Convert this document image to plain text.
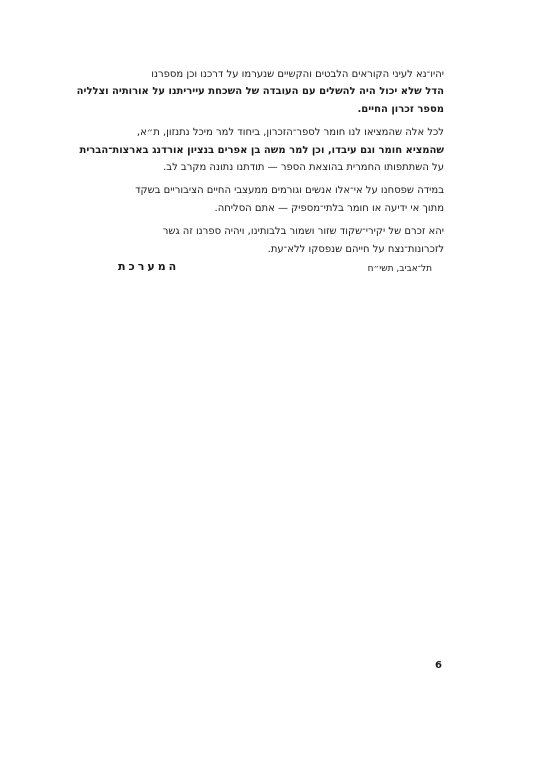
יהיו־נא לעיני הקוראים הלבטים והקשיים שנערמו על דרכנו וכן מספרנו
הדל שלא יכול היה להשלים עם העובדה של השכחת עייריתנו על אורותיה וצלליה
מספר זכרון החיים.

לכל אלה שהמציאו לנו חומר לספר־הזכרון, ביחוד למר מיכל נתנזון, ת״א,
שהמציא חומר וגם עיבדו, וכן למר משה בן אפרים בנציון אורדנג בארצות־הברית
על השתתפותו החמרית בהוצאת הספר — תודתנו נתונה מקרב לב.

במידה שפסחנו על אי־אלו אנשים וגורמים ממעצבי החיים הציבוריים בשקד
מתוך אי ידיעה או חומר בלתי־מספיק — אתם הסליחה.

יהא זכרם של יקירי־שקוד שזור ושמור בלבותינו, ויהיה ספרנו זה גשר
לזכרונות־נצח על חייהם שנפסקו ללא־עת.

תל־אביב, תשי״ח
המערכת
6
